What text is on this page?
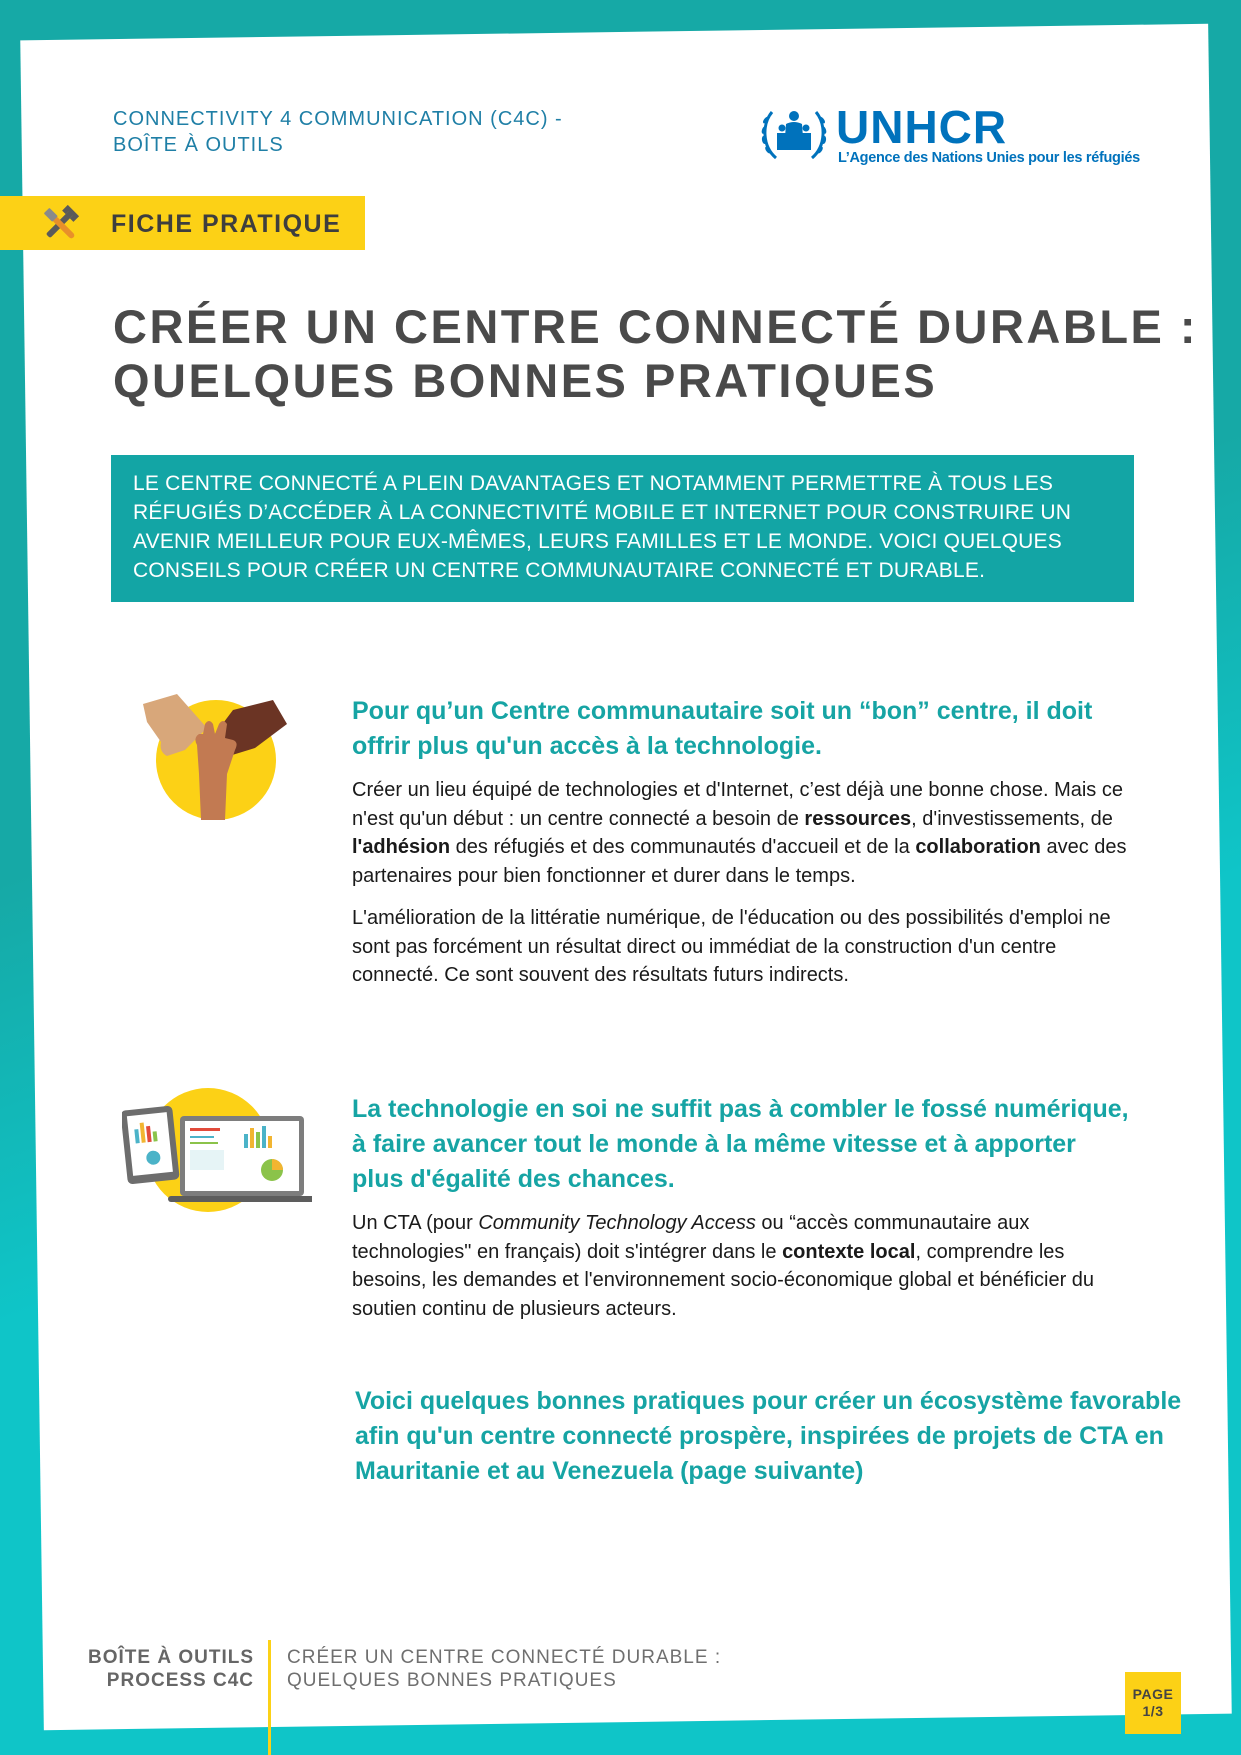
CONNECTIVITY 4 COMMUNICATION (C4C) -
BOÎTE À OUTILS	UNHCR
L’Agence des Nations Unies pour les réfugiés
FICHE PRATIQUE
CRÉER UN CENTRE CONNECTÉ DURABLE :
QUELQUES BONNES PRATIQUES
LE CENTRE CONNECTÉ A PLEIN DAVANTAGES ET NOTAMMENT PERMETTRE À TOUS LES
RÉFUGIÉS D’ACCÉDER À LA CONNECTIVITÉ MOBILE ET INTERNET POUR CONSTRUIRE UN
AVENIR MEILLEUR POUR EUX-MÊMES, LEURS FAMILLES ET LE MONDE. VOICI QUELQUES
CONSEILS POUR CRÉER UN CENTRE COMMUNAUTAIRE CONNECTÉ ET DURABLE.
Pour qu’un Centre communautaire soit un “bon” centre, il doit offrir plus qu'un accès à la technologie.

Créer un lieu équipé de technologies et d'Internet, c’est déjà une bonne chose. Mais ce n'est qu'un début : un centre connecté a besoin de ressources, d'investissements, de l'adhésion des réfugiés et des communautés d'accueil et de la collaboration avec des partenaires pour bien fonctionner et durer dans le temps.

L'amélioration de la littératie numérique, de l'éducation ou des possibilités d'emploi ne sont pas forcément un résultat direct ou immédiat de la construction d'un centre connecté. Ce sont souvent des résultats futurs indirects.

La technologie en soi ne suffit pas à combler le fossé numérique, à faire avancer tout le monde à la même vitesse et à apporter plus d'égalité des chances.

Un CTA (pour Community Technology Access ou “accès communautaire aux technologies" en français) doit s'intégrer dans le contexte local, comprendre les besoins, les demandes et l'environnement socio-économique global et bénéficier du soutien continu de plusieurs acteurs.

Voici quelques bonnes pratiques pour créer un écosystème favorable afin qu'un centre connecté prospère, inspirées de projets de CTA en Mauritanie et au Venezuela (page suivante)
BOÎTE À OUTILS
PROCESS C4C
CRÉER UN CENTRE CONNECTÉ DURABLE :
QUELQUES BONNES PRATIQUES
PAGE
1/3
